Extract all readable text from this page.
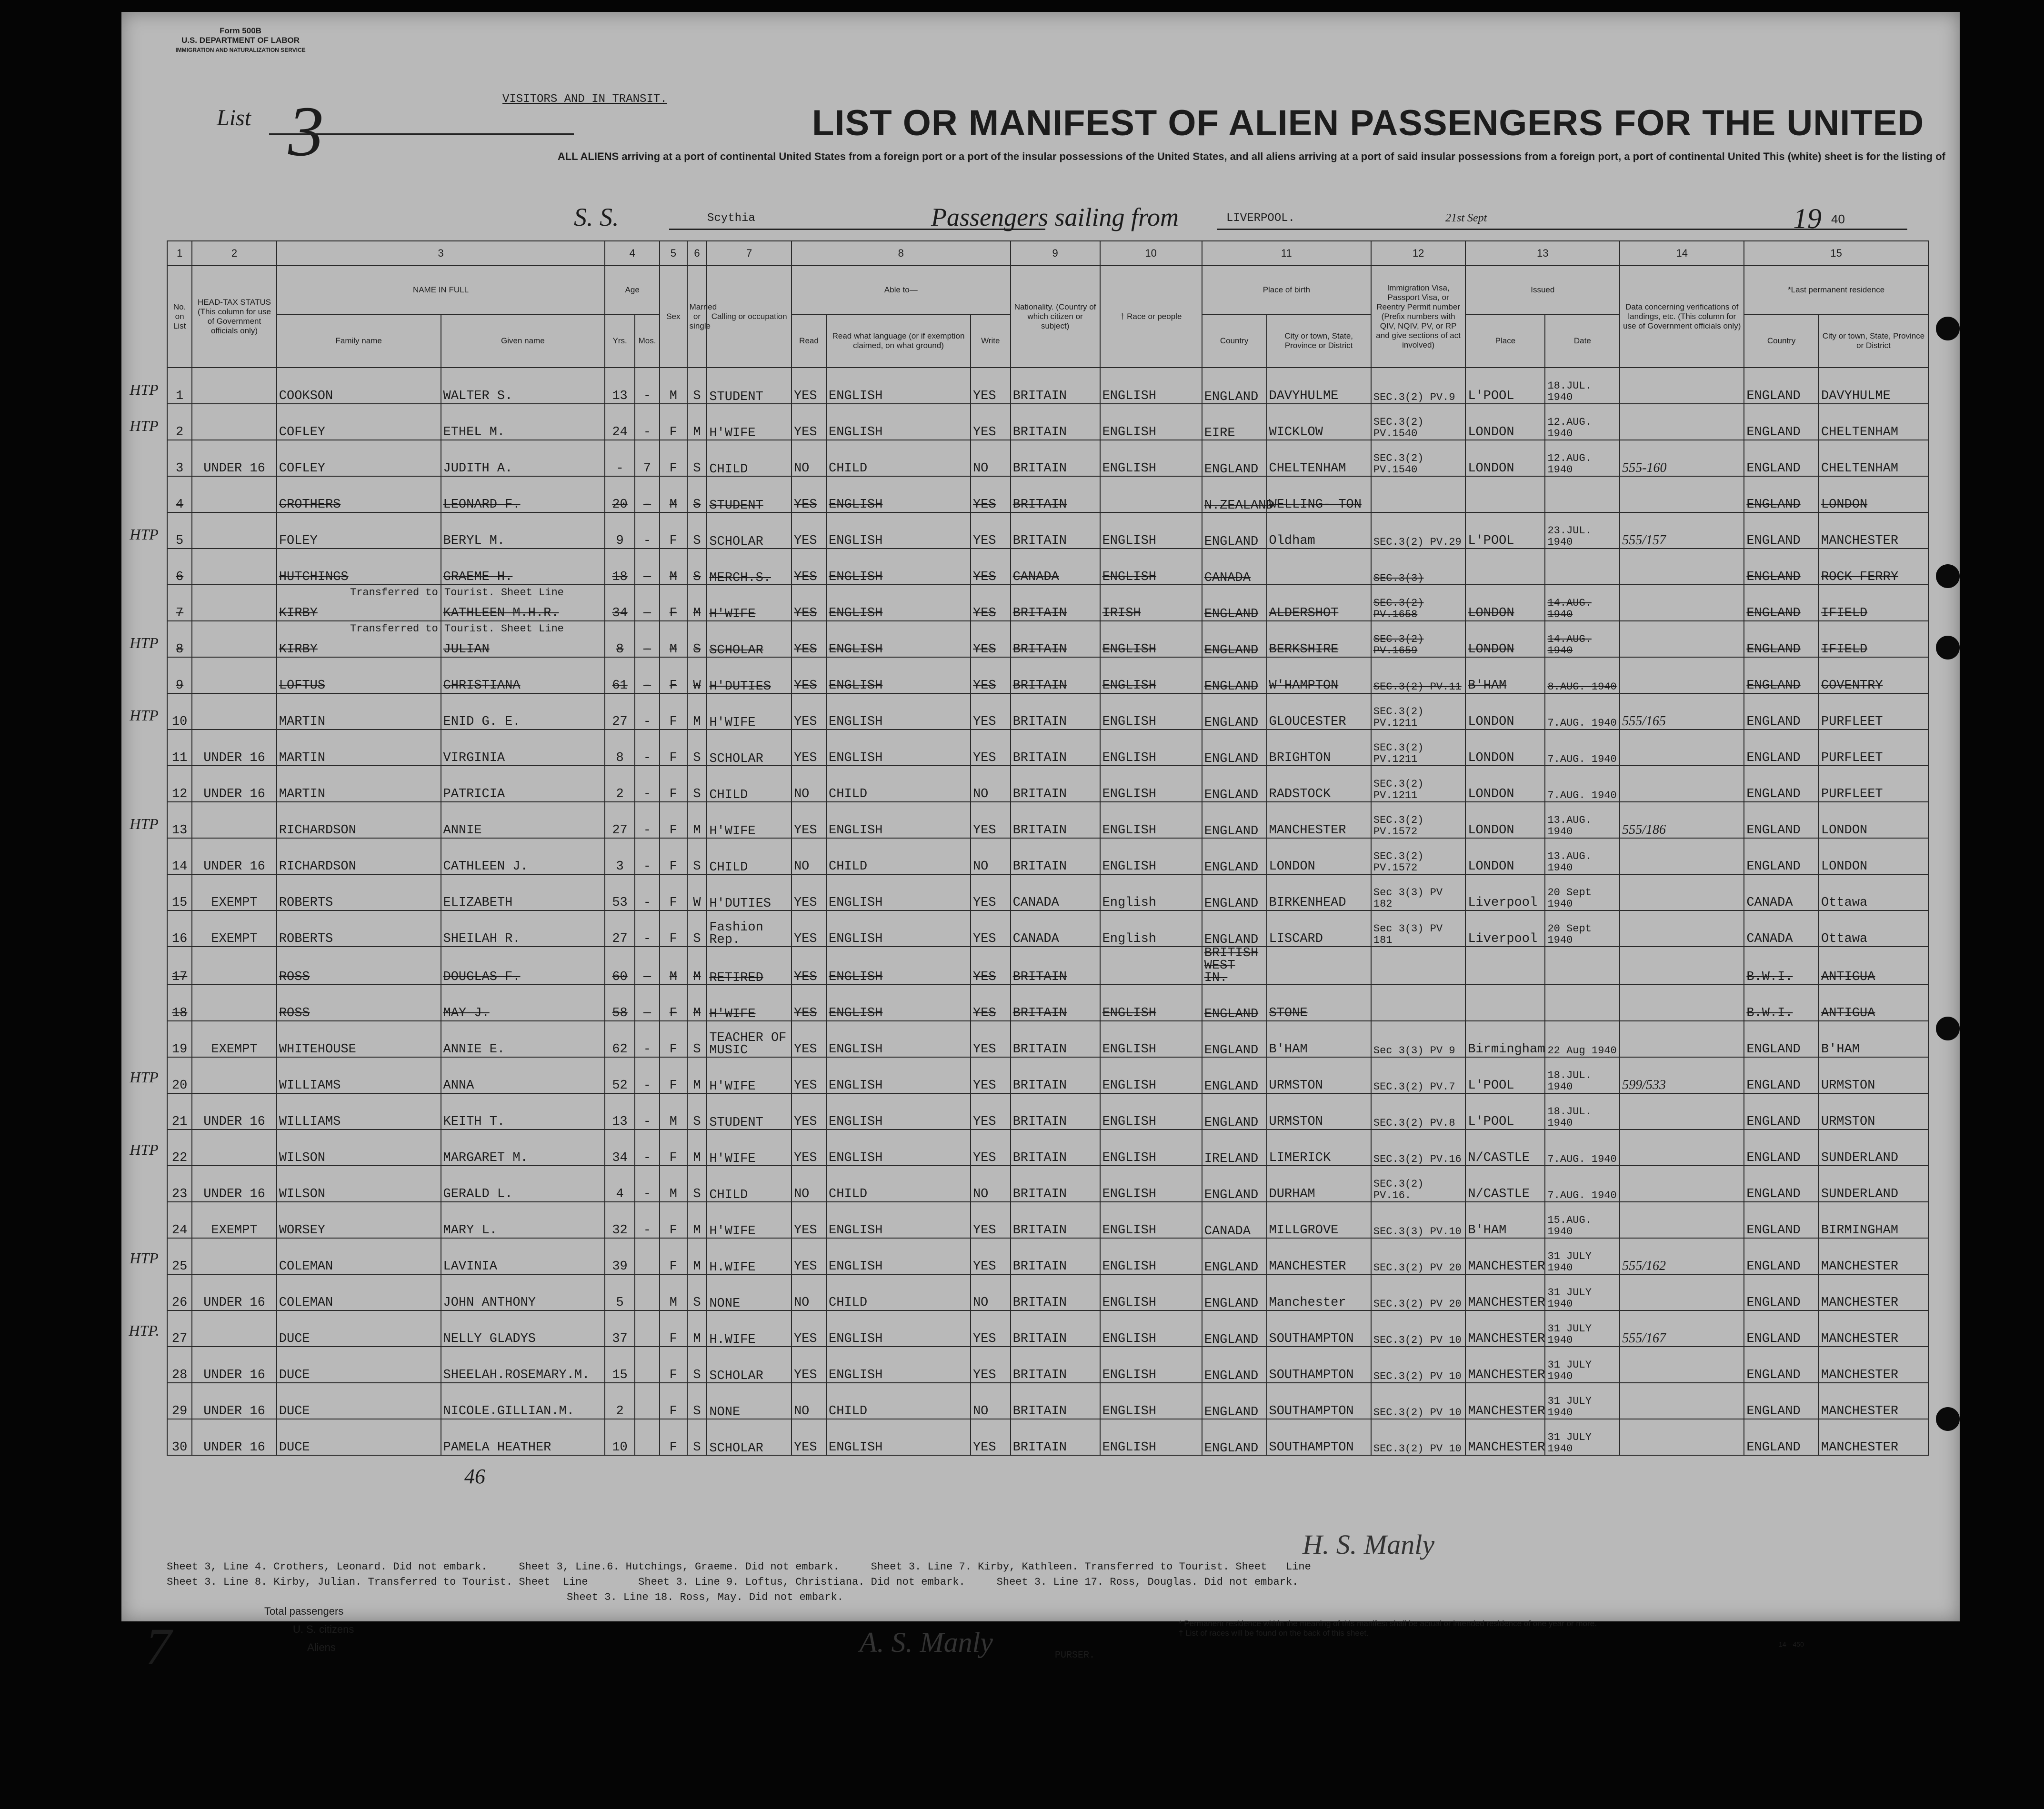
Form 500B
U.S. DEPARTMENT OF LABOR
IMMIGRATION AND NATURALIZATION SERVICE
List 3	VISITORS AND IN TRANSIT.
LIST OR MANIFEST OF ALIEN PASSENGERS FOR THE UNITED
ALL ALIENS arriving at a port of continental United States from a foreign port or a port of the insular possessions of the United States, and all aliens arriving at a port of said insular possessions from a foreign port, a port of continental United This (white) sheet is for the listing of
S. S.	Scythia	Passengers sailing from	LIVERPOOL.	21st Sept	19 40
1	2	3		4		5	6	7	8			9	10	11		12	13		14	15	
No. on List	HEAD-TAX STATUS (This column for use of Government officials only)	NAME IN FULL		Age		Sex	Married or single	Calling or occupation	Able to—			Nationality. (Country of which citizen or subject)	† Race or people	Place of birth		Immigration Visa, Passport Visa, or Reentry Permit number (Prefix numbers with QIV, NQIV, PV, or RP and give sections of act involved)	Issued		Data concerning verifications of landings, etc. (This column for use of Government officials only)	*Last permanent residence	
		Family name	Given name	Yrs.	Mos.				Read	Read what language (or if exemption claimed, on what ground)	Write			Country	City or town, State, Province or District		Place	Date		Country	City or town, State, Province or District
1		COOKSON	WALTER S.	13	-	M	S	STUDENT	YES	ENGLISH	YES	BRITAIN	ENGLISH	ENGLAND	DAVYHULME	SEC.3(2) PV.9	L'POOL	18.JUL. 1940		ENGLAND	DAVYHULME
2		COFLEY	ETHEL M.	24	-	F	M	H'WIFE	YES	ENGLISH	YES	BRITAIN	ENGLISH	EIRE	WICKLOW	SEC.3(2) PV.1540	LONDON	12.AUG. 1940		ENGLAND	CHELTENHAM
3	UNDER 16	COFLEY	JUDITH A.	-	7	F	S	CHILD	NO	CHILD	NO	BRITAIN	ENGLISH	ENGLAND	CHELTENHAM	SEC.3(2) PV.1540	LONDON	12.AUG. 1940	555-160	ENGLAND	CHELTENHAM
4		CROTHERS	LEONARD F.	20	-	M	S	STUDENT	YES	ENGLISH	YES	BRITAIN		N.ZEALAND	WELLING- TON					ENGLAND	LONDON
5		FOLEY	BERYL M.	9	-	F	S	SCHOLAR	YES	ENGLISH	YES	BRITAIN	ENGLISH	ENGLAND	Oldham	SEC.3(2) PV.29	L'POOL	23.JUL. 1940	555/157	ENGLAND	MANCHESTER
6		HUTCHINGS	GRAEME H.	18	-	M	S	MERCH.S.	YES	ENGLISH	YES	CANADA	ENGLISH	CANADA		SEC.3(3)				ENGLAND	ROCK FERRY
7		KIRBY	KATHLEEN M.H.R.	34	-	F	M	H'WIFE	YES	ENGLISH	YES	BRITAIN	IRISH	ENGLAND	ALDERSHOT	SEC.3(2) PV.1658	LONDON	14.AUG. 1940		ENGLAND	IFIELD
8		KIRBY	JULIAN	8	-	M	S	SCHOLAR	YES	ENGLISH	YES	BRITAIN	ENGLISH	ENGLAND	BERKSHIRE	SEC.3(2) PV.1659	LONDON	14.AUG. 1940		ENGLAND	IFIELD
9		LOFTUS	CHRISTIANA	61	-	F	W	H'DUTIES	YES	ENGLISH	YES	BRITAIN	ENGLISH	ENGLAND	W'HAMPTON	SEC.3(2) PV.11	B'HAM	8.AUG. 1940		ENGLAND	COVENTRY
10		MARTIN	ENID G. E.	27	-	F	M	H'WIFE	YES	ENGLISH	YES	BRITAIN	ENGLISH	ENGLAND	GLOUCESTER	SEC.3(2) PV.1211	LONDON	7.AUG. 1940	555/165	ENGLAND	PURFLEET
11	UNDER 16	MARTIN	VIRGINIA	8	-	F	S	SCHOLAR	YES	ENGLISH	YES	BRITAIN	ENGLISH	ENGLAND	BRIGHTON	SEC.3(2) PV.1211	LONDON	7.AUG. 1940		ENGLAND	PURFLEET
12	UNDER 16	MARTIN	PATRICIA	2	-	F	S	CHILD	NO	CHILD	NO	BRITAIN	ENGLISH	ENGLAND	RADSTOCK	SEC.3(2) PV.1211	LONDON	7.AUG. 1940		ENGLAND	PURFLEET
13		RICHARDSON	ANNIE	27	-	F	M	H'WIFE	YES	ENGLISH	YES	BRITAIN	ENGLISH	ENGLAND	MANCHESTER	SEC.3(2) PV.1572	LONDON	13.AUG. 1940	555/186	ENGLAND	LONDON
14	UNDER 16	RICHARDSON	CATHLEEN J.	3	-	F	S	CHILD	NO	CHILD	NO	BRITAIN	ENGLISH	ENGLAND	LONDON	SEC.3(2) PV.1572	LONDON	13.AUG. 1940		ENGLAND	LONDON
15	EXEMPT	ROBERTS	ELIZABETH	53	-	F	W	H'DUTIES	YES	ENGLISH	YES	CANADA	English	ENGLAND	BIRKENHEAD	Sec 3(3) PV 182	Liverpool	20 Sept 1940		CANADA	Ottawa
16	EXEMPT	ROBERTS	SHEILAH R.	27	-	F	S	Fashion Rep.	YES	ENGLISH	YES	CANADA	English	ENGLAND	LISCARD	Sec 3(3) PV 181	Liverpool	20 Sept 1940		CANADA	Ottawa
17		ROSS	DOUGLAS F.	60	-	M	M	RETIRED	YES	ENGLISH	YES	BRITAIN		BRITISH WEST IN.						B.W.I.	ANTIGUA
18		ROSS	MAY J.	58	-	F	M	H'WIFE	YES	ENGLISH	YES	BRITAIN	ENGLISH	ENGLAND	STONE					B.W.I.	ANTIGUA
19	EXEMPT	WHITEHOUSE	ANNIE E.	62	-	F	S	TEACHER OF MUSIC	YES	ENGLISH	YES	BRITAIN	ENGLISH	ENGLAND	B'HAM	Sec 3(3) PV 9	Birmingham	22 Aug 1940		ENGLAND	B'HAM
20		WILLIAMS	ANNA	52	-	F	M	H'WIFE	YES	ENGLISH	YES	BRITAIN	ENGLISH	ENGLAND	URMSTON	SEC.3(2) PV.7	L'POOL	18.JUL. 1940	599/533	ENGLAND	URMSTON
21	UNDER 16	WILLIAMS	KEITH T.	13	-	M	S	STUDENT	YES	ENGLISH	YES	BRITAIN	ENGLISH	ENGLAND	URMSTON	SEC.3(2) PV.8	L'POOL	18.JUL. 1940		ENGLAND	URMSTON
22		WILSON	MARGARET M.	34	-	F	M	H'WIFE	YES	ENGLISH	YES	BRITAIN	ENGLISH	IRELAND	LIMERICK	SEC.3(2) PV.16	N/CASTLE	7.AUG. 1940		ENGLAND	SUNDERLAND
23	UNDER 16	WILSON	GERALD L.	4	-	M	S	CHILD	NO	CHILD	NO	BRITAIN	ENGLISH	ENGLAND	DURHAM	SEC.3(2) PV.16.	N/CASTLE	7.AUG. 1940		ENGLAND	SUNDERLAND
24	EXEMPT	WORSEY	MARY L.	32	-	F	M	H'WIFE	YES	ENGLISH	YES	BRITAIN	ENGLISH	CANADA	MILLGROVE	SEC.3(3) PV.10	B'HAM	15.AUG. 1940		ENGLAND	BIRMINGHAM
25		COLEMAN	LAVINIA	39		F	M	H.WIFE	YES	ENGLISH	YES	BRITAIN	ENGLISH	ENGLAND	MANCHESTER	SEC.3(2) PV 20	MANCHESTER	31 JULY 1940	555/162	ENGLAND	MANCHESTER
26	UNDER 16	COLEMAN	JOHN ANTHONY	5		M	S	NONE	NO	CHILD	NO	BRITAIN	ENGLISH	ENGLAND	Manchester	SEC.3(2) PV 20	MANCHESTER	31 JULY 1940		ENGLAND	MANCHESTER
27		DUCE	NELLY GLADYS	37		F	M	H.WIFE	YES	ENGLISH	YES	BRITAIN	ENGLISH	ENGLAND	SOUTHAMPTON	SEC.3(2) PV 10	MANCHESTER	31 JULY 1940	555/167	ENGLAND	MANCHESTER
28	UNDER 16	DUCE	SHEELAH.ROSEMARY.M.	15		F	S	SCHOLAR	YES	ENGLISH	YES	BRITAIN	ENGLISH	ENGLAND	SOUTHAMPTON	SEC.3(2) PV 10	MANCHESTER	31 JULY 1940		ENGLAND	MANCHESTER
29	UNDER 16	DUCE	NICOLE.GILLIAN.M.	2		F	S	NONE	NO	CHILD	NO	BRITAIN	ENGLISH	ENGLAND	SOUTHAMPTON	SEC.3(2) PV 10	MANCHESTER	31 JULY 1940		ENGLAND	MANCHESTER
30	UNDER 16	DUCE	PAMELA HEATHER	10		F	S	SCHOLAR	YES	ENGLISH	YES	BRITAIN	ENGLISH	ENGLAND	SOUTHAMPTON	SEC.3(2) PV 10	MANCHESTER	31 JULY 1940		ENGLAND	MANCHESTER
HTP
HTP
HTP
Transferred to Tourist. Sheet Line
HTP
Transferred to Tourist. Sheet Line
HTP
HTP
HTP
HTP
HTP
HTP.
H. S. Manly
46
Sheet 3, Line 4. Crothers, Leonard. Did not embark.     Sheet 3, Line.6. Hutchings, Graeme. Did not embark.     Sheet 3. Line 7. Kirby, Kathleen. Transferred to Tourist. Sheet   Line
Sheet 3. Line 8. Kirby, Julian. Transferred to Tourist. Sheet  Line        Sheet 3. Line 9. Loftus, Christiana. Did not embark.     Sheet 3. Line 17. Ross, Douglas. Did not embark.
Sheet 3. Line 18. Ross, May. Did not embark.
Total passengers
U. S. citizens
Aliens
7	A. S. Manly	PURSER.
* Permanent residence within the meaning of this manifest shall be actual or intended residence of one year or more.
† List of races will be found on the back of this sheet.
14—450
